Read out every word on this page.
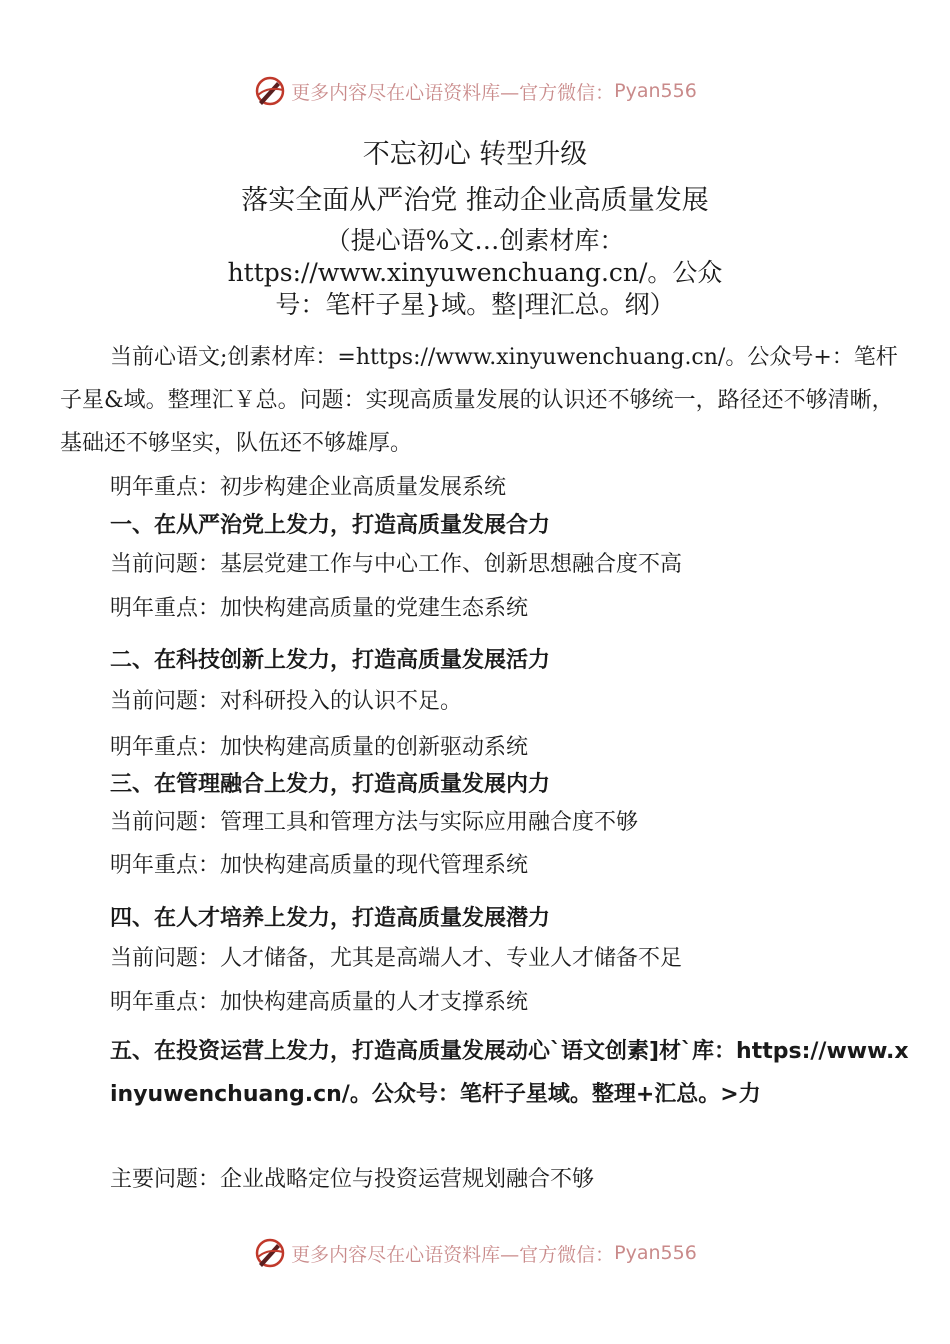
更多内容尽在心语资料库—官方微信： Pyan556
不忘初心 转型升级
落实全面从严治党 推动企业高质量发展
（提心语%文…创素材库：https://www.xinyuwenchuang.cn/。公众号：笔杆子星}域。整|理汇总。纲）
当前心语文;创素材库：=https://www.xinyuwenchuang.cn/。公众号+：笔杆子星&域。整理汇￥总。问题：实现高质量发展的认识还不够统一，路径还不够清晰，基础还不够坚实，队伍还不够雄厚。
明年重点：初步构建企业高质量发展系统
一、在从严治党上发力，打造高质量发展合力
当前问题：基层党建工作与中心工作、创新思想融合度不高
明年重点：加快构建高质量的党建生态系统
二、在科技创新上发力，打造高质量发展活力
当前问题：对科研投入的认识不足。
明年重点：加快构建高质量的创新驱动系统
三、在管理融合上发力，打造高质量发展内力
当前问题：管理工具和管理方法与实际应用融合度不够
明年重点：加快构建高质量的现代管理系统
四、在人才培养上发力，打造高质量发展潜力
当前问题：人才储备，尤其是高端人才、专业人才储备不足
明年重点：加快构建高质量的人才支撑系统
五、在投资运营上发力，打造高质量发展动心`语文创素]材`库：https://www.xinyuwenchuang.cn/。公众号：笔杆子星域。整理+汇总。>力
主要问题：企业战略定位与投资运营规划融合不够
更多内容尽在心语资料库—官方微信： Pyan556
